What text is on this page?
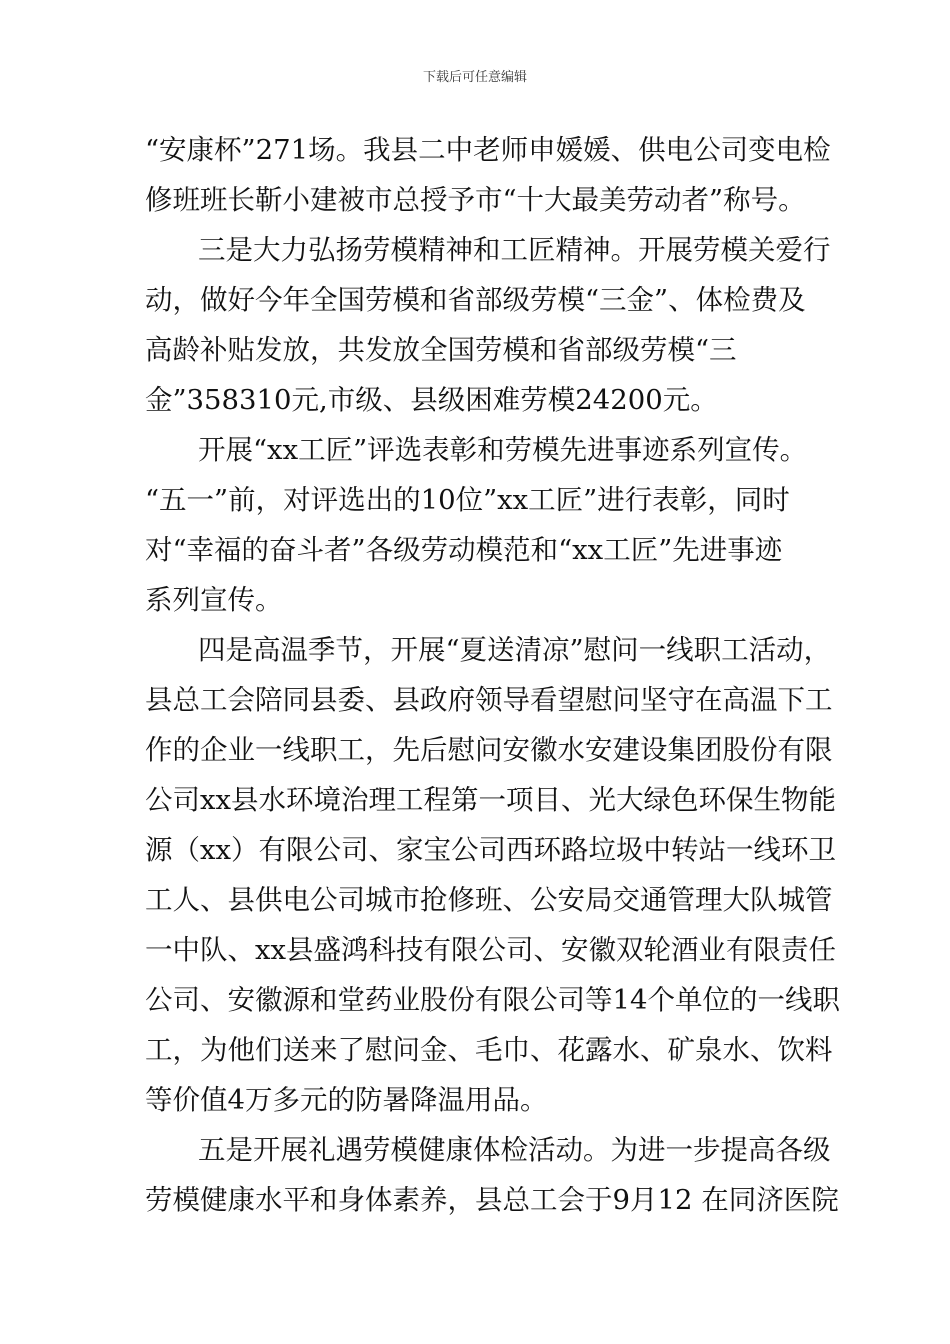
下载后可任意编辑
“安康杯”271场。我县二中老师申媛媛、供电公司变电检
修班班长靳小建被市总授予市“十大最美劳动者”称号。
三是大力弘扬劳模精神和工匠精神。开展劳模关爱行
动，做好今年全国劳模和省部级劳模“三金”、体检费及
高龄补贴发放，共发放全国劳模和省部级劳模“三
金”358310元,市级、县级困难劳模24200元。
开展“xx工匠”评选表彰和劳模先进事迹系列宣传。
“五一”前，对评选出的10位”xx工匠”进行表彰，同时
对“幸福的奋斗者”各级劳动模范和“xx工匠”先进事迹
系列宣传。
四是高温季节，开展“夏送清凉”慰问一线职工活动，
县总工会陪同县委、县政府领导看望慰问坚守在高温下工
作的企业一线职工，先后慰问安徽水安建设集团股份有限
公司xx县水环境治理工程第一项目、光大绿色环保生物能
源（xx）有限公司、家宝公司西环路垃圾中转站一线环卫
工人、县供电公司城市抢修班、公安局交通管理大队城管
一中队、xx县盛鸿科技有限公司、安徽双轮酒业有限责任
公司、安徽源和堂药业股份有限公司等14个单位的一线职
工，为他们送来了慰问金、毛巾、花露水、矿泉水、饮料
等价值4万多元的防暑降温用品。
五是开展礼遇劳模健康体检活动。为进一步提高各级
劳模健康水平和身体素养，县总工会于9月12 在同济医院
